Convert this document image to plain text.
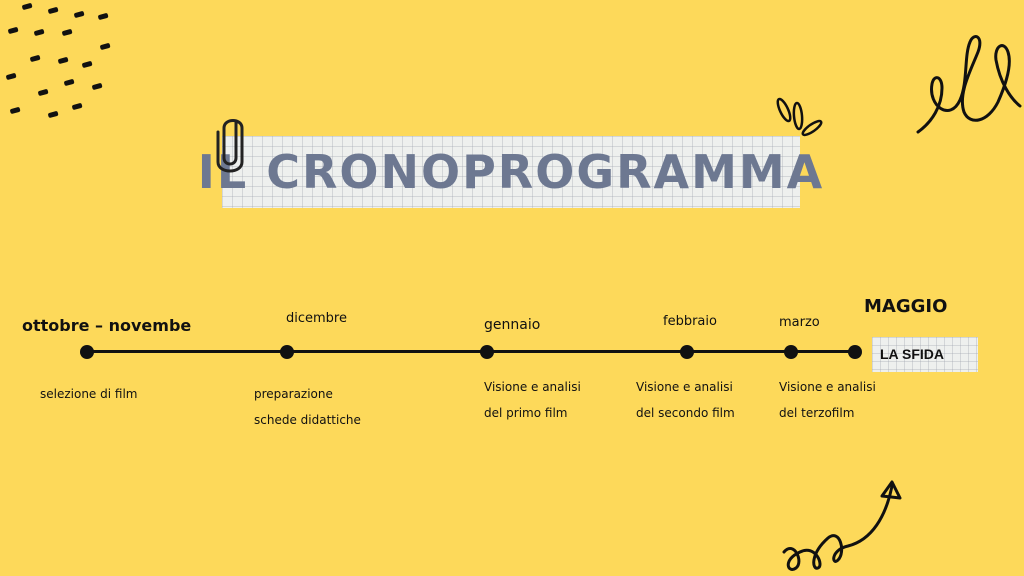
IL CRONOPROGRAMMA
ottobre – novembe	dicembre	gennaio	febbraio	marzo
MAGGIO
selezione di film	preparazione
schede didattiche
Visione e analisi
del primo film
Visione e analisi
del secondo film
Visione e analisi
del terzofilm
LA SFIDA
